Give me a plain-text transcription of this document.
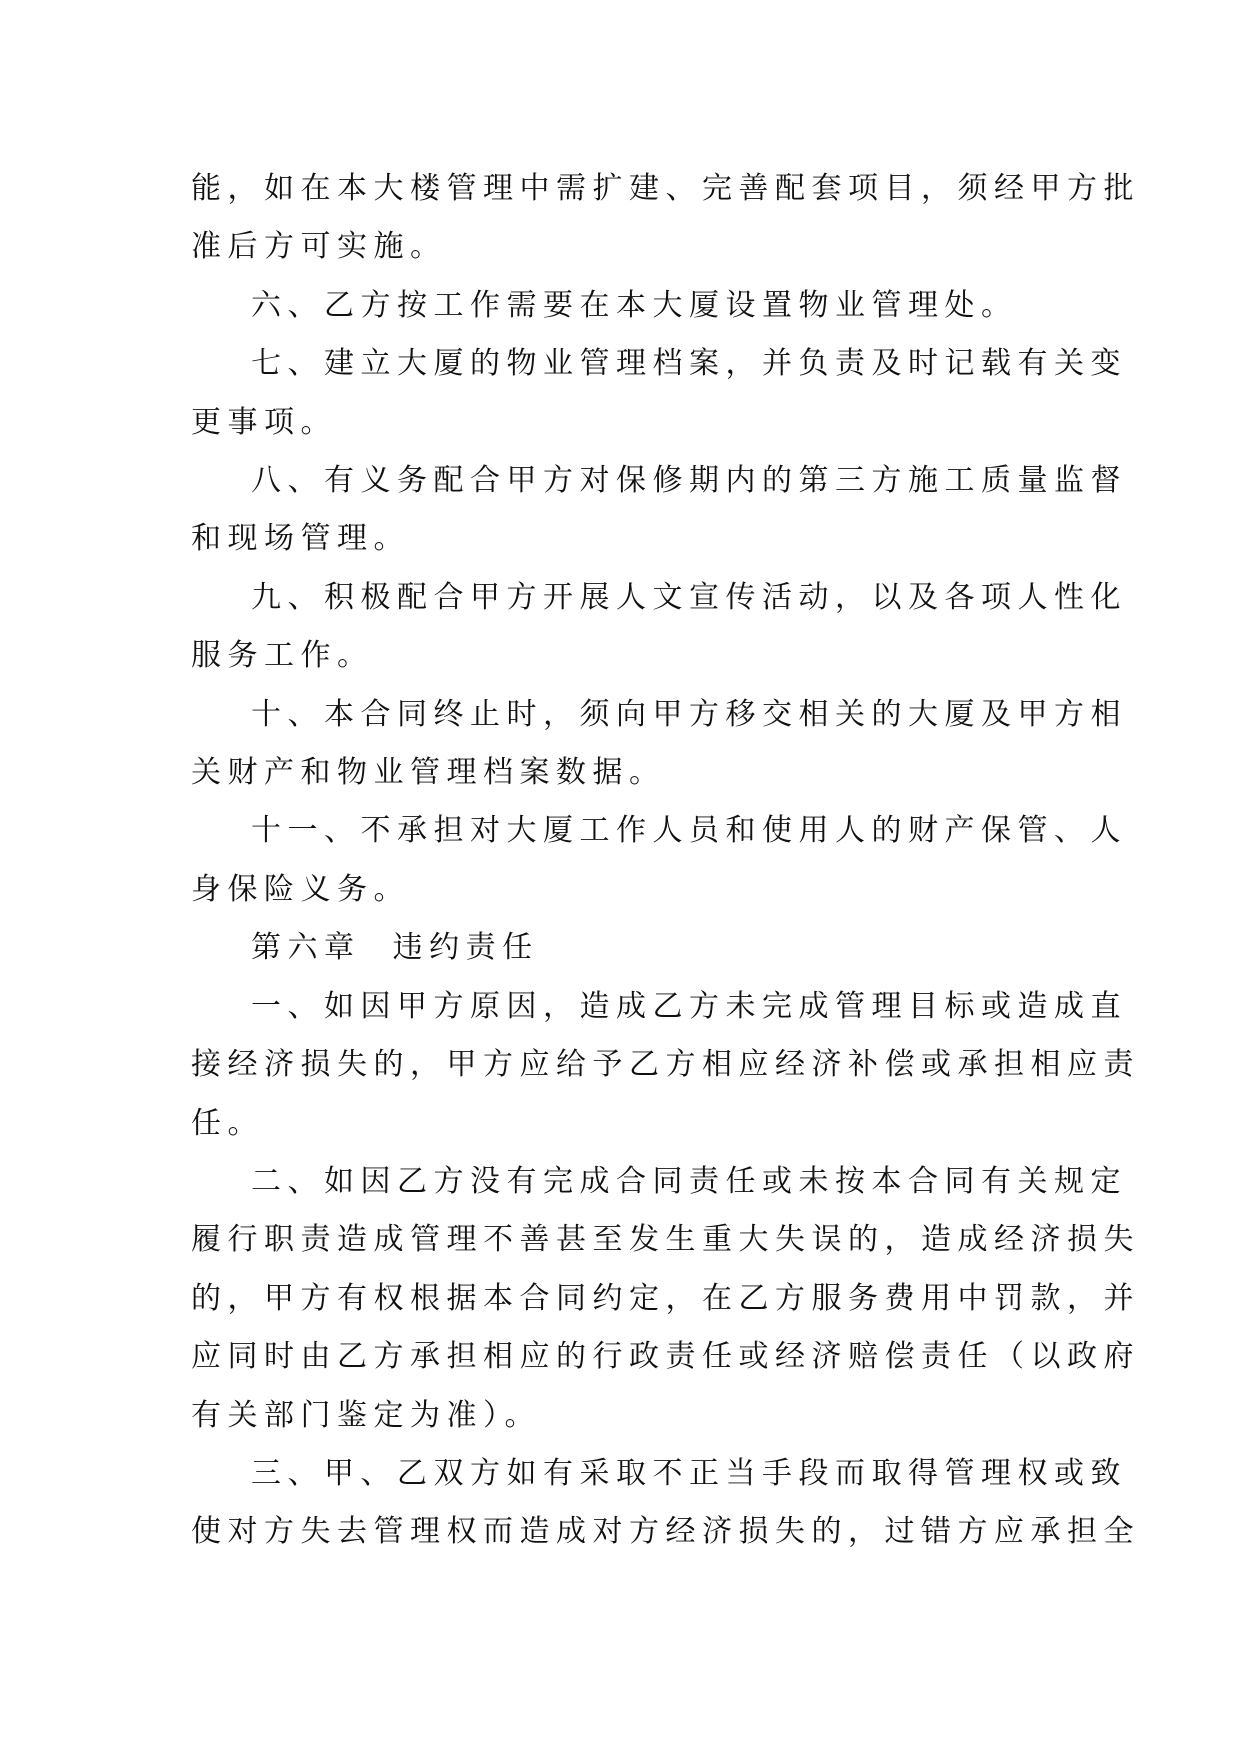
能，如在本大楼管理中需扩建、完善配套项目，须经甲方批
准后方可实施。

六、乙方按工作需要在本大厦设置物业管理处。

七、建立大厦的物业管理档案，并负责及时记载有关变
更事项。

八、有义务配合甲方对保修期内的第三方施工质量监督
和现场管理。

九、积极配合甲方开展人文宣传活动，以及各项人性化
服务工作。

十、本合同终止时，须向甲方移交相关的大厦及甲方相
关财产和物业管理档案数据。

十一、不承担对大厦工作人员和使用人的财产保管、人
身保险义务。

第六章  违约责任

一、如因甲方原因，造成乙方未完成管理目标或造成直
接经济损失的，甲方应给予乙方相应经济补偿或承担相应责
任。

二、如因乙方没有完成合同责任或未按本合同有关规定
履行职责造成管理不善甚至发生重大失误的，造成经济损失
的，甲方有权根据本合同约定，在乙方服务费用中罚款，并
应同时由乙方承担相应的行政责任或经济赔偿责任（以政府
有关部门鉴定为准）。

三、甲、乙双方如有采取不正当手段而取得管理权或致
使对方失去管理权而造成对方经济损失的，过错方应承担全
